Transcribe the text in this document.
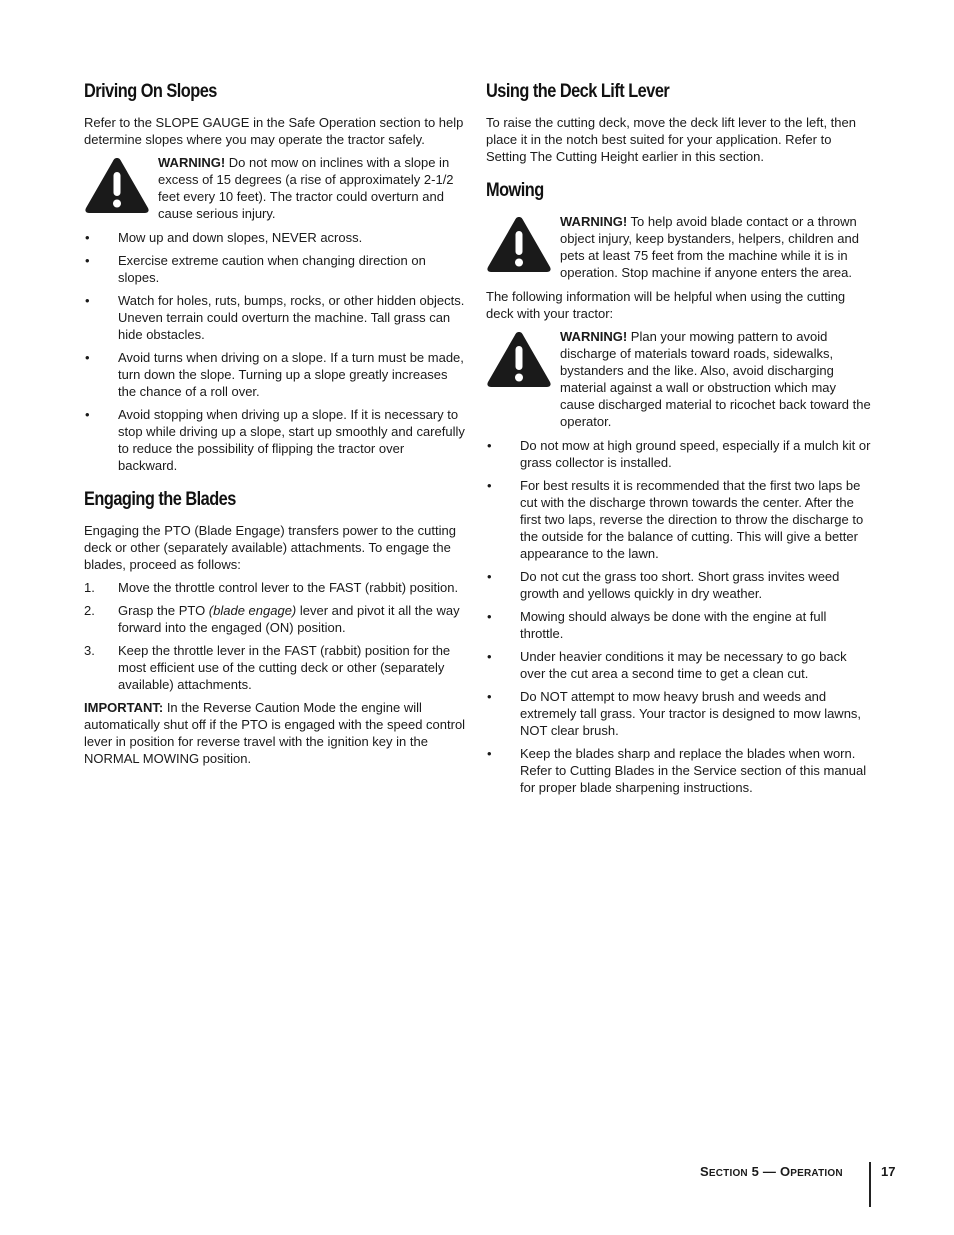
Driving On Slopes

Refer to the SLOPE GAUGE in the Safe Operation section to help determine slopes where you may operate the tractor safely.

WARNING! Do not mow on inclines with a slope in excess of 15 degrees (a rise of approximately 2-1/2 feet every 10 feet). The tractor could overturn and cause serious injury.
• Mow up and down slopes, NEVER across.
• Exercise extreme caution when changing direction on slopes.
• Watch for holes, ruts, bumps, rocks, or other hidden objects. Uneven terrain could overturn the machine. Tall grass can hide obstacles.
• Avoid turns when driving on a slope. If a turn must be made, turn down the slope. Turning up a slope greatly increases the chance of a roll over.
• Avoid stopping when driving up a slope. If it is necessary to stop while driving up a slope, start up smoothly and carefully to reduce the possibility of flipping the tractor over backward.
Engaging the Blades

Engaging the PTO (Blade Engage) transfers power to the cutting deck or other (separately available) attachments. To engage the blades, proceed as follows:

1. Move the throttle control lever to the FAST (rabbit) position.
2. Grasp the PTO (blade engage) lever and pivot it all the way forward into the engaged (ON) position.
3. Keep the throttle lever in the FAST (rabbit) position for the most efficient use of the cutting deck or other (separately available) attachments.

IMPORTANT: In the Reverse Caution Mode the engine will automatically shut off if the PTO is engaged with the speed control lever in position for reverse travel with the ignition key in the NORMAL MOWING position.

Using the Deck Lift Lever

To raise the cutting deck, move the deck lift lever to the left, then place it in the notch best suited for your application. Refer to Setting The Cutting Height earlier in this section.

Mowing
WARNING! To help avoid blade contact or a thrown object injury, keep bystanders, helpers, children and pets at least 75 feet from the machine while it is in operation. Stop machine if anyone enters the area.

The following information will be helpful when using the cutting deck with your tractor:

WARNING! Plan your mowing pattern to avoid discharge of materials toward roads, sidewalks, bystanders and the like. Also, avoid discharging material against a wall or obstruction which may cause discharged material to ricochet back toward the operator.
• Do not mow at high ground speed, especially if a mulch kit or grass collector is installed.
• For best results it is recommended that the first two laps be cut with the discharge thrown towards the center. After the first two laps, reverse the direction to throw the discharge to the outside for the balance of cutting. This will give a better appearance to the lawn.
• Do not cut the grass too short. Short grass invites weed growth and yellows quickly in dry weather.
• Mowing should always be done with the engine at full throttle.
• Under heavier conditions it may be necessary to go back over the cut area a second time to get a clean cut.
• Do NOT attempt to mow heavy brush and weeds and extremely tall grass. Your tractor is designed to mow lawns, NOT clear brush.
• Keep the blades sharp and replace the blades when worn. Refer to Cutting Blades in the Service section of this manual for proper blade sharpening instructions.
SECTION 5 — OPERATION	17
